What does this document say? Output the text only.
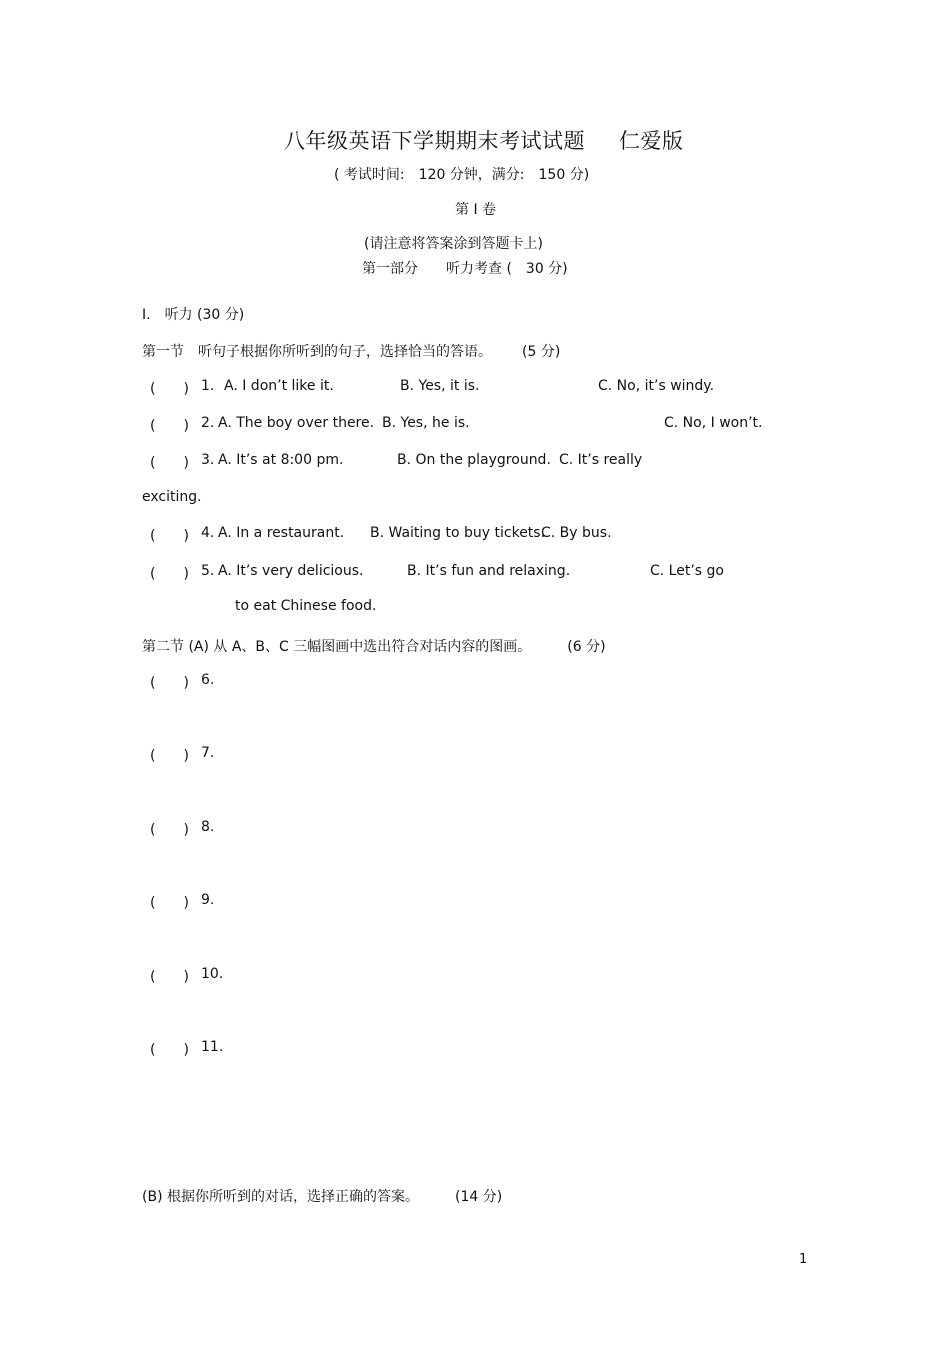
八年级英语下学期期末考试试题 仁爱版
( 考试时间:　120 分钟，满分:　150 分)
第 I 卷
(请注意将答案涂到答题卡上)
第一部分　　听力考查 (　30 分)
I.　听力 (30 分)
第一节　听句子根据你所听到的句子，选择恰当的答语。 (5 分)
(　　) 1. A. I don’t like it.	B. Yes, it is.	C. No, it’s windy.
(　　) 2. A. The boy over there. B. Yes, he is.	C. No, I won’t.
(　　) 3. A. It’s at 8:00 pm.	B. On the playground. C. It’s really
exciting.
(　　) 4. A. In a restaurant. B. Waiting to buy tickets.
C. By bus.
(　　) 5. A. It’s very delicious.	B. It’s fun and relaxing.	C. Let’s go
to eat Chinese food.
第二节 (A) 从 A、B、C 三幅图画中选出符合对话内容的图画。	(6 分)
(　　) 6.
(　　) 7.
(　　) 8.
(　　) 9.
(　　) 10.
(　　) 11.
(B) 根据你所听到的对话，选择正确的答案。	(14 分)
1
